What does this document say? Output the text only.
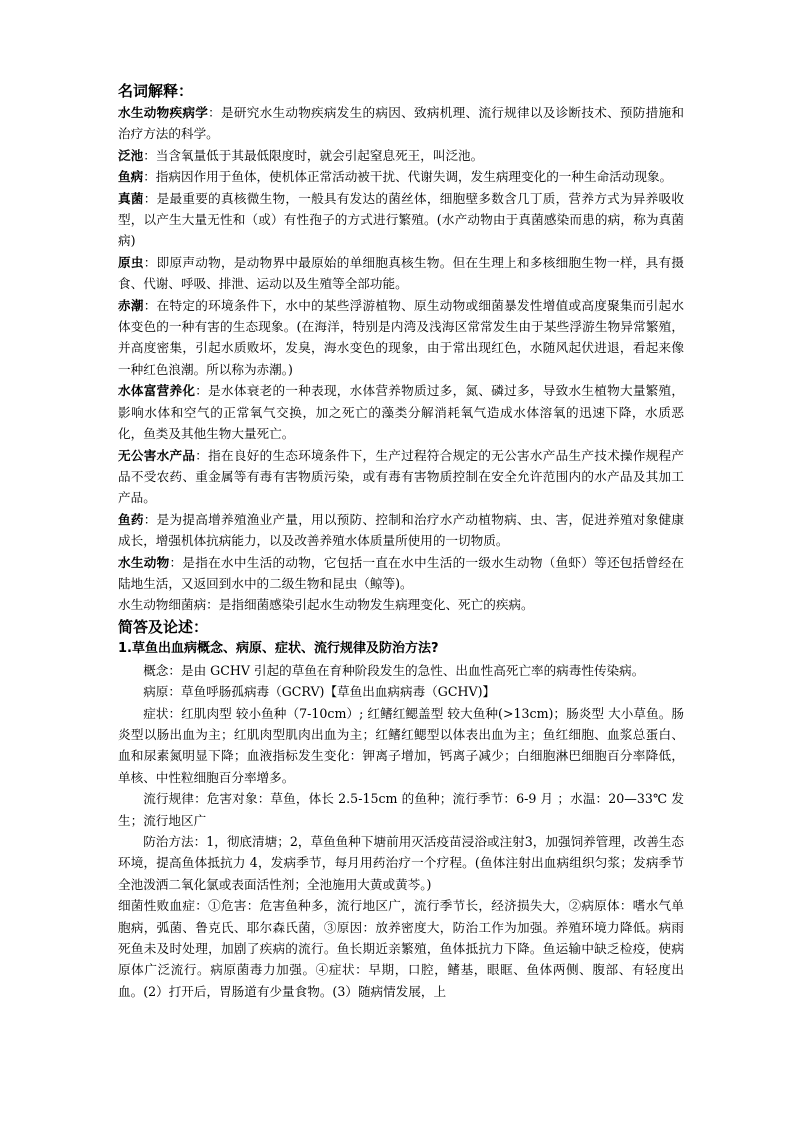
名词解释：

水生动物疾病学：是研究水生动物疾病发生的病因、致病机理、流行规律以及诊断技术、预防措施和治疗方法的科学。

泛池：当含氧量低于其最低限度时，就会引起窒息死王，叫泛池。

鱼病：指病因作用于鱼体，使机体正常活动被干扰、代谢失调，发生病理变化的一种生命活动现象。

真菌：是最重要的真核微生物，一般具有发达的菌丝体，细胞壁多数含几丁质，营养方式为异养吸收型，以产生大量无性和（或）有性孢子的方式进行繁殖。(水产动物由于真菌感染而患的病，称为真菌病)

原虫：即原声动物，是动物界中最原始的单细胞真核生物。但在生理上和多核细胞生物一样，具有摄食、代谢、呼吸、排泄、运动以及生殖等全部功能。

赤潮：在特定的环境条件下，水中的某些浮游植物、原生动物或细菌暴发性增值或高度聚集而引起水体变色的一种有害的生态现象。(在海洋，特别是内湾及浅海区常常发生由于某些浮游生物异常繁殖，并高度密集，引起水质败坏，发臭，海水变色的现象，由于常出现红色，水随风起伏进退，看起来像一种红色浪潮。所以称为赤潮。)

水体富营养化：是水体衰老的一种表现，水体营养物质过多，氮、磷过多，导致水生植物大量繁殖，影响水体和空气的正常氧气交换，加之死亡的藻类分解消耗氧气造成水体溶氧的迅速下降，水质恶化，鱼类及其他生物大量死亡。

无公害水产品：指在良好的生态环境条件下，生产过程符合规定的无公害水产品生产技术操作规程产品不受农药、重金属等有毒有害物质污染，或有毒有害物质控制在安全允许范围内的水产品及其加工产品。

鱼药：是为提高增养殖渔业产量，用以预防、控制和治疗水产动植物病、虫、害，促进养殖对象健康成长，增强机体抗病能力，以及改善养殖水体质量所使用的一切物质。

水生动物：是指在水中生活的动物，它包括一直在水中生活的一级水生动物（鱼虾）等还包括曾经在陆地生活，又返回到水中的二级生物和昆虫（鲸等)。

水生动物细菌病：是指细菌感染引起水生动物发生病理变化、死亡的疾病。

简答及论述：

1.草鱼出血病概念、病原、症状、流行规律及防治方法?

概念：是由 GCHV 引起的草鱼在育种阶段发生的急性、出血性高死亡率的病毒性传染病。

病原：草鱼呼肠孤病毒（GCRV)【草鱼出血病病毒（GCHV)】

症状：红肌肉型 较小鱼种（7-10cm）; 红鳍红鳃盖型 较大鱼种(>13cm)；肠炎型 大小草鱼。肠炎型以肠出血为主；红肌肉型肌肉出血为主；红鳍红鳃型以体表出血为主；鱼红细胞、血浆总蛋白、血和尿素氮明显下降；血液指标发生变化：钾离子增加，钙离子减少；白细胞淋巴细胞百分率降低，单核、中性粒细胞百分率增多。

流行规律：危害对象：草鱼，体长 2.5-15cm 的鱼种；流行季节：6-9 月 ；水温：20—33℃ 发生；流行地区广

防治方法：1，彻底清塘；2，草鱼鱼种下塘前用灭活疫苗浸浴或注射3，加强饲养管理，改善生态环境，提高鱼体抵抗力 4，发病季节，每月用药治疗一个疗程。(鱼体注射出血病组织匀浆；发病季节全池泼洒二氧化氯或表面活性剂；全池施用大黄或黄芩。)

细菌性败血症：①危害：危害鱼种多，流行地区广，流行季节长，经济损失大，②病原体：嗜水气单胞病，弧菌、鲁克氏、耶尔森氏菌，③原因：放养密度大，防治工作为加强。养殖环境力降低。病雨死鱼未及时处理，加剧了疾病的流行。鱼长期近亲繁殖，鱼体抵抗力下降。鱼运输中缺乏检疫，使病原体广泛流行。病原菌毒力加强。④症状：早期，口腔，鳍基，眼眶、鱼体两侧、腹部、有轻度出血。(2）打开后，胃肠道有少量食物。(3）随病情发展，上
